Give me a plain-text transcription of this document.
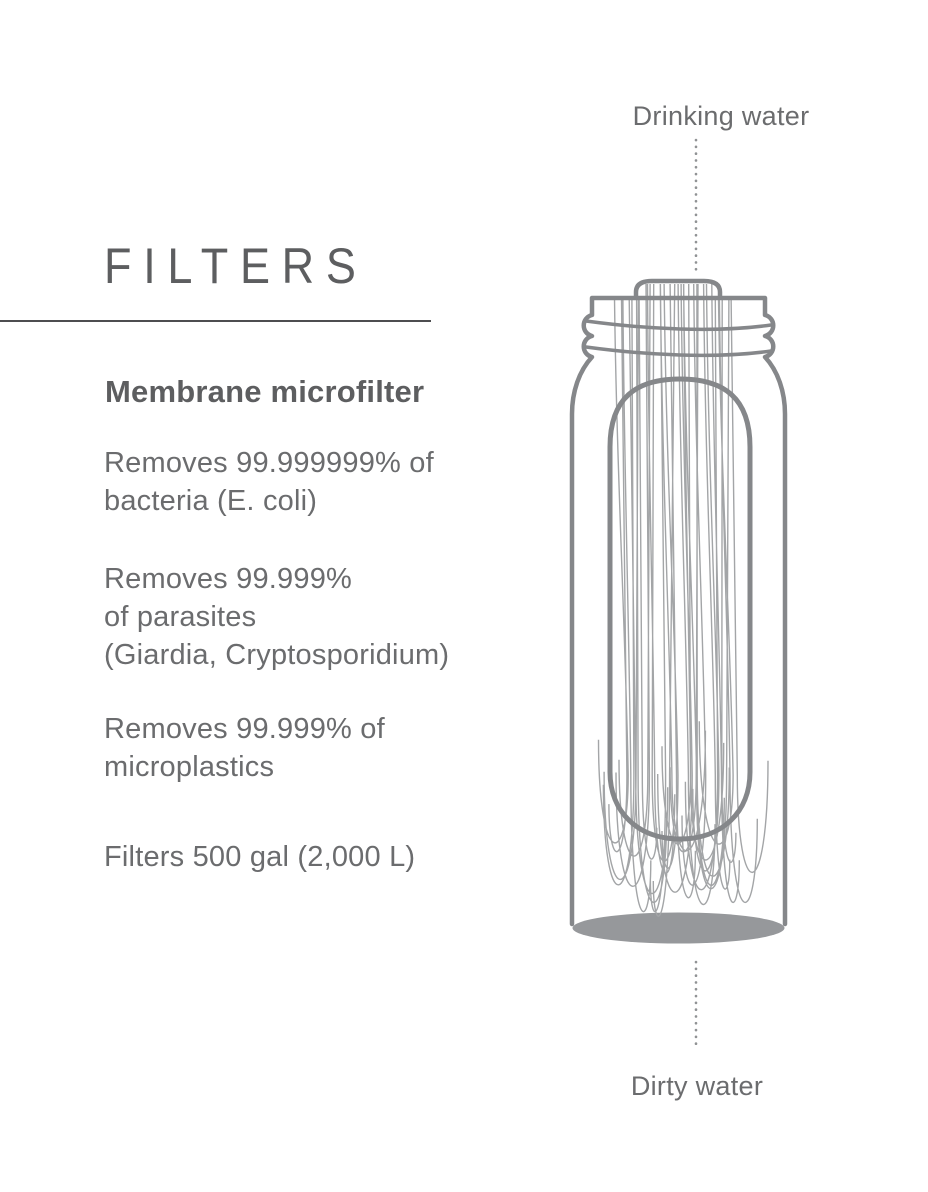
FILTERS
Membrane microfilter
Removes 99.999999% of
bacteria (E. coli)
Removes 99.999%
of parasites
(Giardia, Cryptosporidium)
Removes 99.999% of
microplastics
Filters 500 gal (2,000 L)
Drinking water
Dirty water
